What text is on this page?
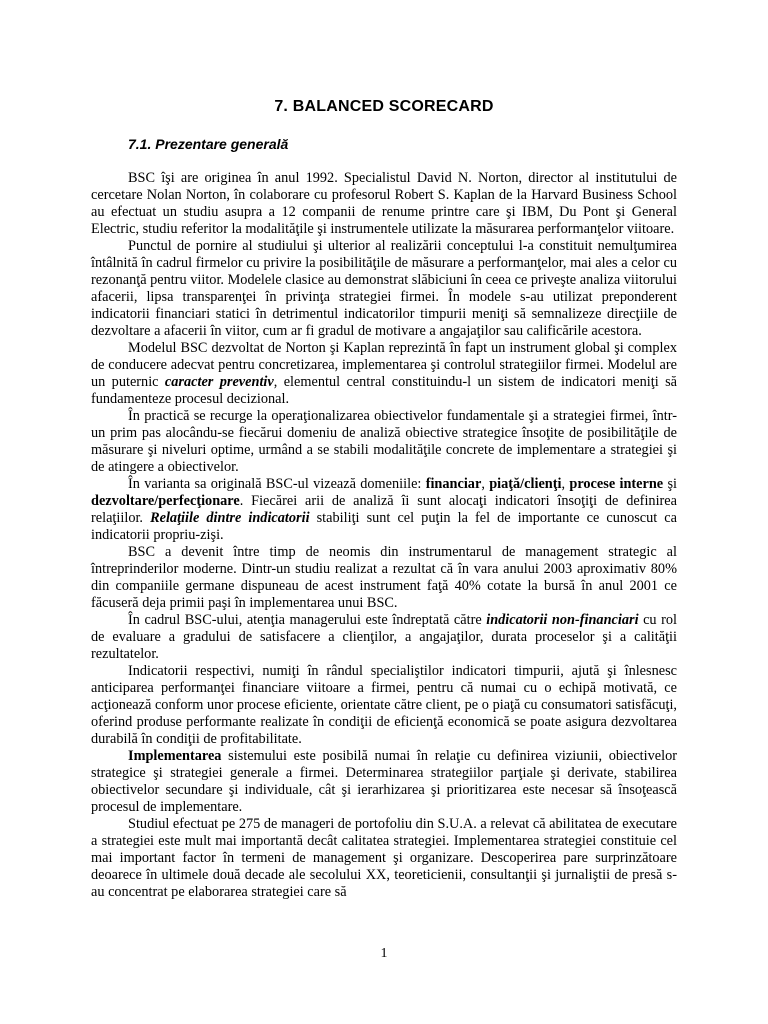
7. BALANCED SCORECARD
7.1. Prezentare generală

BSC îşi are originea în anul 1992. Specialistul David N. Norton, director al institutului de cercetare Nolan Norton, în colaborare cu profesorul Robert S. Kaplan de la Harvard Business School au efectuat un studiu asupra a 12 companii de renume printre care şi IBM, Du Pont şi General Electric, studiu referitor la modalităţile şi instrumentele utilizate la măsurarea performanţelor viitoare.

Punctul de pornire al studiului şi ulterior al realizării conceptului l-a constituit nemulţumirea întâlnită în cadrul firmelor cu privire la posibilităţile de măsurare a performanţelor, mai ales a celor cu rezonanţă pentru viitor. Modelele clasice au demonstrat slăbiciuni în ceea ce priveşte analiza viitorului afacerii, lipsa transparenţei în privinţa strategiei firmei. În modele s-au utilizat preponderent indicatorii financiari statici în detrimentul indicatorilor timpurii meniţi să semnalizeze direcţiile de dezvoltare a afacerii în viitor, cum ar fi gradul de motivare a angajaţilor sau calificările acestora.

Modelul BSC dezvoltat de Norton şi Kaplan reprezintă în fapt un instrument global şi complex de conducere adecvat pentru concretizarea, implementarea şi controlul strategiilor firmei. Modelul are un puternic caracter preventiv, elementul central constituindu-l un sistem de indicatori meniţi să fundamenteze procesul decizional.

În practică se recurge la operaţionalizarea obiectivelor fundamentale şi a strategiei firmei, într-un prim pas alocându-se fiecărui domeniu de analiză obiective strategice însoţite de posibilităţile de măsurare şi niveluri optime, urmând a se stabili modalităţile concrete de implementare a strategiei şi de atingere a obiectivelor.

În varianta sa originală BSC-ul vizează domeniile: financiar, piaţă/clienţi, procese interne şi dezvoltare/perfecţionare. Fiecărei arii de analiză îi sunt alocaţi indicatori însoţiţi de definirea relaţiilor. Relaţiile dintre indicatorii stabiliţi sunt cel puţin la fel de importante ce cunoscut ca indicatorii propriu-zişi.

BSC a devenit între timp de neomis din instrumentarul de management strategic al întreprinderilor moderne. Dintr-un studiu realizat a rezultat că în vara anului 2003 aproximativ 80% din companiile germane dispuneau de acest instrument faţă 40% cotate la bursă în anul 2001 ce făcuseră deja primii paşi în implementarea unui BSC.

În cadrul BSC-ului, atenţia managerului este îndreptată către indicatorii non-financiari cu rol de evaluare a gradului de satisfacere a clienţilor, a angajaţilor, durata proceselor şi a calităţii rezultatelor.

Indicatorii respectivi, numiţi în rândul specialiştilor indicatori timpurii, ajută şi înlesnesc anticiparea performanţei financiare viitoare a firmei, pentru că numai cu o echipă motivată, ce acţionează conform unor procese eficiente, orientate către client, pe o piaţă cu consumatori satisfăcuţi, oferind produse performante realizate în condiţii de eficienţă economică se poate asigura dezvoltarea durabilă în condiţii de profitabilitate.

Implementarea sistemului este posibilă numai în relaţie cu definirea viziunii, obiectivelor strategice şi strategiei generale a firmei. Determinarea strategiilor parţiale şi derivate, stabilirea obiectivelor secundare şi individuale, cât şi ierarhizarea şi prioritizarea este necesar să însoţească procesul de implementare.

Studiul efectuat pe 275 de manageri de portofoliu din S.U.A. a relevat că abilitatea de executare a strategiei este mult mai importantă decât calitatea strategiei. Implementarea strategiei constituie cel mai important factor în termeni de management şi organizare. Descoperirea pare surprinzătoare deoarece în ultimele două decade ale secolului XX, teoreticienii, consultanţii şi jurnaliştii de presă s-au concentrat pe elaborarea strategiei care să

1
